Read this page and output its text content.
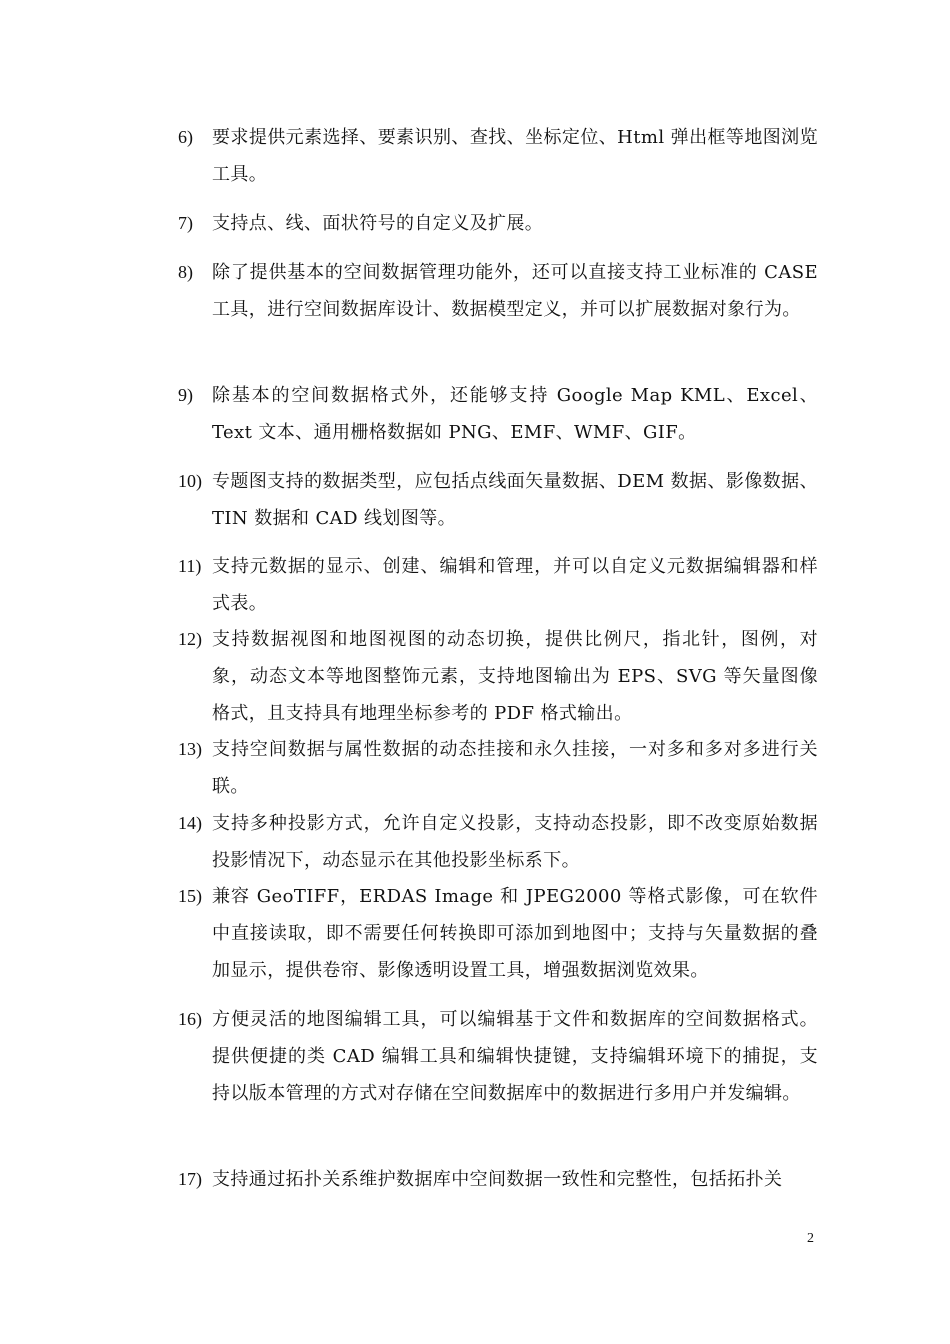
6) 要求提供元素选择、要素识别、查找、坐标定位、Html 弹出框等地图浏览工具。
7) 支持点、线、面状符号的自定义及扩展。
8) 除了提供基本的空间数据管理功能外，还可以直接支持工业标准的 CASE 工具，进行空间数据库设计、数据模型定义，并可以扩展数据对象行为。
9) 除基本的空间数据格式外，还能够支持 Google Map KML、Excel、Text 文本、通用栅格数据如 PNG、EMF、WMF、GIF。
10) 专题图支持的数据类型，应包括点线面矢量数据、DEM 数据、影像数据、TIN 数据和 CAD 线划图等。
11) 支持元数据的显示、创建、编辑和管理，并可以自定义元数据编辑器和样式表。
12) 支持数据视图和地图视图的动态切换，提供比例尺，指北针，图例，对象，动态文本等地图整饰元素，支持地图输出为 EPS、SVG 等矢量图像格式，且支持具有地理坐标参考的 PDF 格式输出。
13) 支持空间数据与属性数据的动态挂接和永久挂接，一对多和多对多进行关联。
14) 支持多种投影方式，允许自定义投影，支持动态投影，即不改变原始数据投影情况下，动态显示在其他投影坐标系下。
15) 兼容 GeoTIFF，ERDAS Image 和 JPEG2000 等格式影像，可在软件中直接读取，即不需要任何转换即可添加到地图中；支持与矢量数据的叠加显示，提供卷帘、影像透明设置工具，增强数据浏览效果。
16) 方便灵活的地图编辑工具，可以编辑基于文件和数据库的空间数据格式。提供便捷的类 CAD 编辑工具和编辑快捷键，支持编辑环境下的捕捉，支持以版本管理的方式对存储在空间数据库中的数据进行多用户并发编辑。
17) 支持通过拓扑关系维护数据库中空间数据一致性和完整性，包括拓扑关
2
